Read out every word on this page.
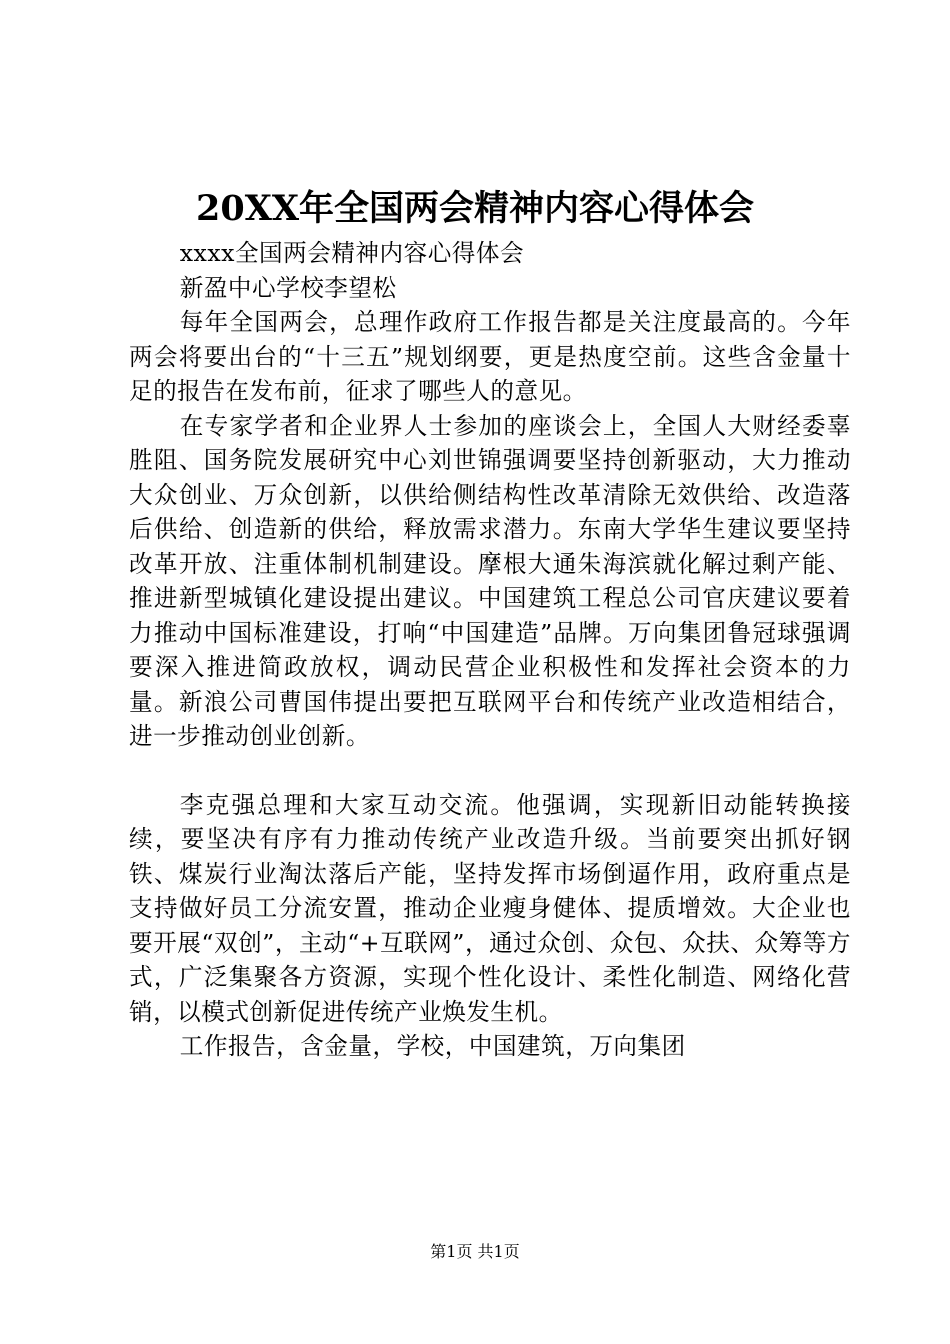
20XX年全国两会精神内容心得体会

xxxx全国两会精神内容心得体会

新盈中心学校李望松

每年全国两会，总理作政府工作报告都是关注度最高的。今年两会将要出台的“十三五”规划纲要，更是热度空前。这些含金量十足的报告在发布前，征求了哪些人的意见。

在专家学者和企业界人士参加的座谈会上，全国人大财经委辜胜阻、国务院发展研究中心刘世锦强调要坚持创新驱动，大力推动大众创业、万众创新，以供给侧结构性改革清除无效供给、改造落后供给、创造新的供给，释放需求潜力。东南大学华生建议要坚持改革开放、注重体制机制建设。摩根大通朱海滨就化解过剩产能、推进新型城镇化建设提出建议。中国建筑工程总公司官庆建议要着力推动中国标准建设，打响“中国建造”品牌。万向集团鲁冠球强调要深入推进简政放权，调动民营企业积极性和发挥社会资本的力量。新浪公司曹国伟提出要把互联网平台和传统产业改造相结合，进一步推动创业创新。

李克强总理和大家互动交流。他强调，实现新旧动能转换接续，要坚决有序有力推动传统产业改造升级。当前要突出抓好钢铁、煤炭行业淘汰落后产能，坚持发挥市场倒逼作用，政府重点是支持做好员工分流安置，推动企业瘦身健体、提质增效。大企业也要开展“双创”，主动“+互联网”，通过众创、众包、众扶、众筹等方式，广泛集聚各方资源，实现个性化设计、柔性化制造、网络化营销，以模式创新促进传统产业焕发生机。

工作报告，含金量，学校，中国建筑，万向集团

第1页 共1页
